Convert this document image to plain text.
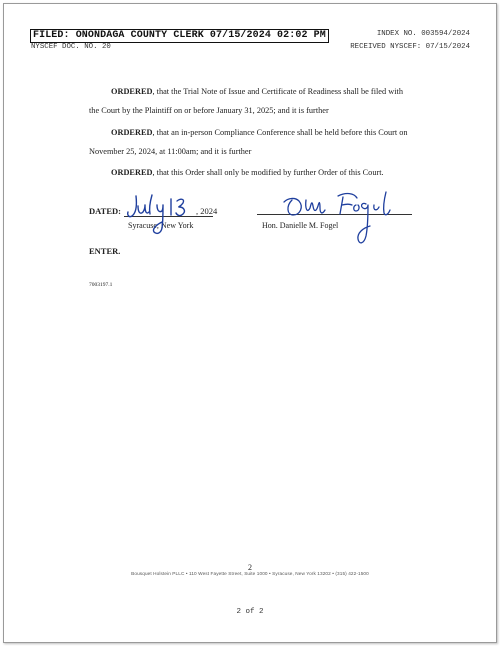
FILED: ONONDAGA COUNTY CLERK 07/15/2024 02:02 PM	INDEX NO. 003594/2024
NYSCEF DOC. NO. 20	RECEIVED NYSCEF: 07/15/2024
ORDERED, that the Trial Note of Issue and Certificate of Readiness shall be filed with
the Court by the Plaintiff on or before January 31, 2025; and it is further
ORDERED, that an in-person Compliance Conference shall be held before this Court on
November 25, 2024, at 11:00am; and it is further
ORDERED, that this Order shall only be modified by further Order of this Court.
DATED:	, 2024
Syracuse, New York	Hon. Danielle M. Fogel
ENTER.
7003197.1
2
Bousquet Holstein PLLC • 110 West Fayette Street, Suite 1000 • Syracuse, New York 13202 • (315) 422-1500
2 of 2
